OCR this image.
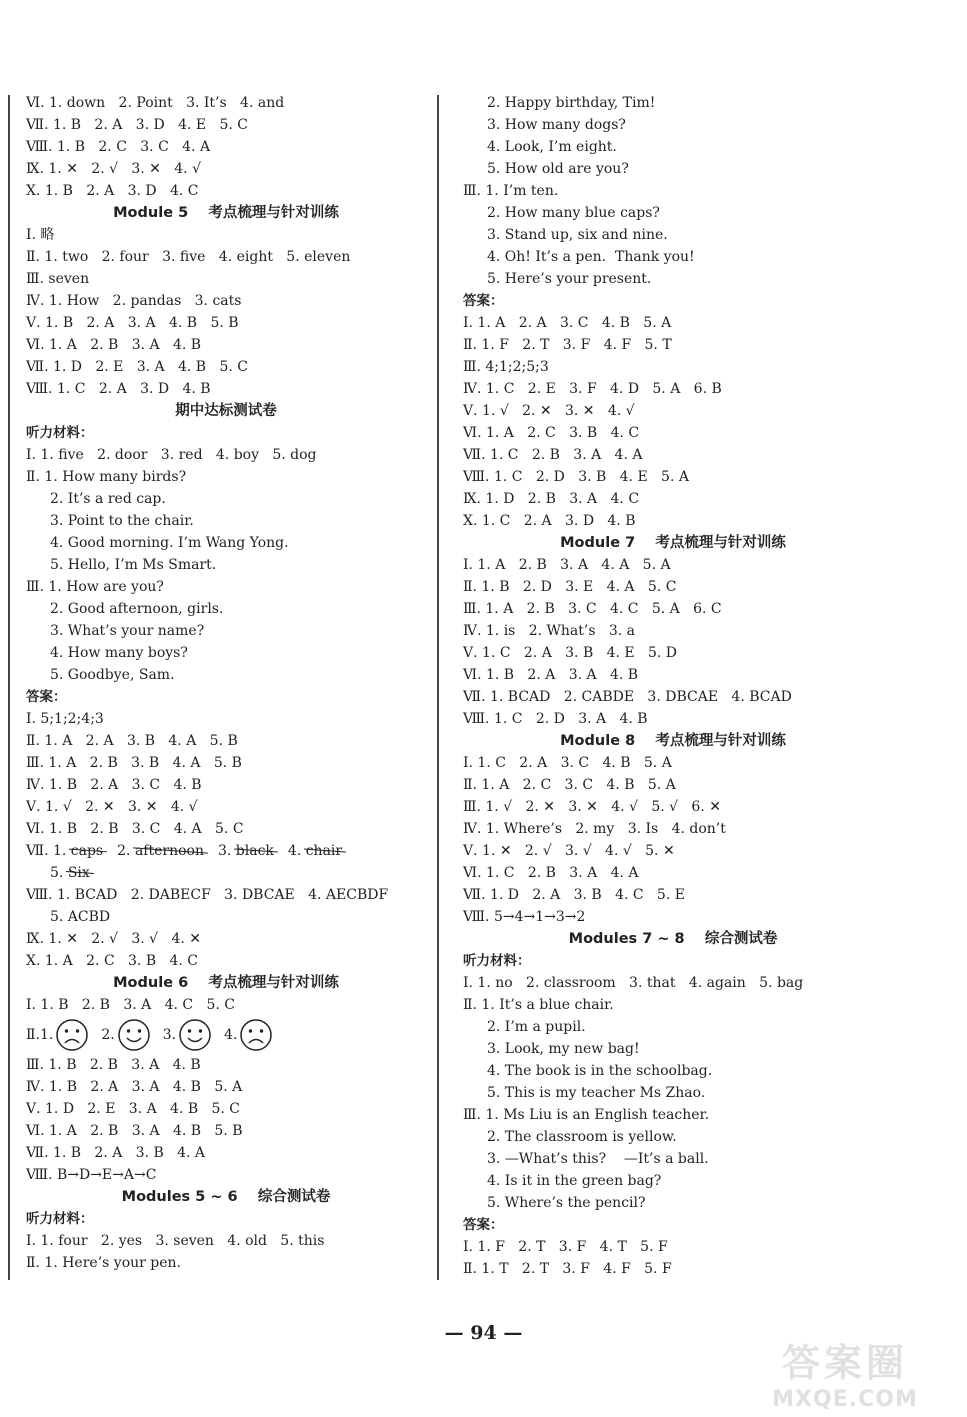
Ⅵ. 1. down   2. Point   3. It’s   4. and
Ⅶ. 1. B   2. A   3. D   4. E   5. C
Ⅷ. 1. B   2. C   3. C   4. A
Ⅸ. 1. ✕   2. √   3. ✕   4. √
Ⅹ. 1. B   2. A   3. D   4. C
Module 5    考点梳理与针对训练
Ⅰ. 略
Ⅱ. 1. two   2. four   3. five   4. eight   5. eleven
Ⅲ. seven
Ⅳ. 1. How   2. pandas   3. cats
Ⅴ. 1. B   2. A   3. A   4. B   5. B
Ⅵ. 1. A   2. B   3. A   4. B
Ⅶ. 1. D   2. E   3. A   4. B   5. C
Ⅷ. 1. C   2. A   3. D   4. B
期中达标测试卷
听力材料：
Ⅰ. 1. five   2. door   3. red   4. boy   5. dog
Ⅱ. 1. How many birds?
2. It’s a red cap.
3. Point to the chair.
4. Good morning. I’m Wang Yong.
5. Hello, I’m Ms Smart.
Ⅲ. 1. How are you?
2. Good afternoon, girls.
3. What’s your name?
4. How many boys?
5. Goodbye, Sam.
答案：
Ⅰ. 5;1;2;4;3
Ⅱ. 1. A   2. A   3. B   4. A   5. B
Ⅲ. 1. A   2. B   3. B   4. A   5. B
Ⅳ. 1. B   2. A   3. C   4. B
Ⅴ. 1. √   2. ✕   3. ✕   4. √
Ⅵ. 1. B   2. B   3. C   4. A   5. C
Ⅶ. 1. caps 2. afternoon 3. black 4. chair
5. Six
Ⅷ. 1. BCAD   2. DABECF   3. DBCAE   4. AECBDF
5. ACBD
Ⅸ. 1. ✕   2. √   3. √   4. ✕
Ⅹ. 1. A   2. C   3. B   4. C
Module 6    考点梳理与针对训练
Ⅰ. 1. B   2. B   3. A   4. C   5. C
Ⅱ. 1.	2.	3.	4.
Ⅲ. 1. B   2. B   3. A   4. B
Ⅳ. 1. B   2. A   3. A   4. B   5. A
Ⅴ. 1. D   2. E   3. A   4. B   5. C
Ⅵ. 1. A   2. B   3. A   4. B   5. B
Ⅶ. 1. B   2. A   3. B   4. A
Ⅷ. B→D→E→A→C
Modules 5 ~ 6    综合测试卷
听力材料：
Ⅰ. 1. four   2. yes   3. seven   4. old   5. this
Ⅱ. 1. Here’s your pen.
2. Happy birthday, Tim!
3. How many dogs?
4. Look, I’m eight.
5. How old are you?
Ⅲ. 1. I’m ten.
2. How many blue caps?
3. Stand up, six and nine.
4. Oh! It’s a pen.  Thank you!
5. Here’s your present.
答案：
Ⅰ. 1. A   2. A   3. C   4. B   5. A
Ⅱ. 1. F   2. T   3. F   4. F   5. T
Ⅲ. 4;1;2;5;3
Ⅳ. 1. C   2. E   3. F   4. D   5. A   6. B
Ⅴ. 1. √   2. ✕   3. ✕   4. √
Ⅵ. 1. A   2. C   3. B   4. C
Ⅶ. 1. C   2. B   3. A   4. A
Ⅷ. 1. C   2. D   3. B   4. E   5. A
Ⅸ. 1. D   2. B   3. A   4. C
Ⅹ. 1. C   2. A   3. D   4. B
Module 7    考点梳理与针对训练
Ⅰ. 1. A   2. B   3. A   4. A   5. A
Ⅱ. 1. B   2. D   3. E   4. A   5. C
Ⅲ. 1. A   2. B   3. C   4. C   5. A   6. C
Ⅳ. 1. is   2. What’s   3. a
Ⅴ. 1. C   2. A   3. B   4. E   5. D
Ⅵ. 1. B   2. A   3. A   4. B
Ⅶ. 1. BCAD   2. CABDE   3. DBCAE   4. BCAD
Ⅷ. 1. C   2. D   3. A   4. B
Module 8    考点梳理与针对训练
Ⅰ. 1. C   2. A   3. C   4. B   5. A
Ⅱ. 1. A   2. C   3. C   4. B   5. A
Ⅲ. 1. √   2. ✕   3. ✕   4. √   5. √   6. ✕
Ⅳ. 1. Where’s   2. my   3. Is   4. don’t
Ⅴ. 1. ✕   2. √   3. √   4. √   5. ✕
Ⅵ. 1. C   2. B   3. A   4. A
Ⅶ. 1. D   2. A   3. B   4. C   5. E
Ⅷ. 5→4→1→3→2
Modules 7 ~ 8    综合测试卷
听力材料：
Ⅰ. 1. no   2. classroom   3. that   4. again   5. bag
Ⅱ. 1. It’s a blue chair.
2. I’m a pupil.
3. Look, my new bag!
4. The book is in the schoolbag.
5. This is my teacher Ms Zhao.
Ⅲ. 1. Ms Liu is an English teacher.
2. The classroom is yellow.
3. —What’s this?    —It’s a ball.
4. Is it in the green bag?
5. Where’s the pencil?
答案：
Ⅰ. 1. F   2. T   3. F   4. T   5. F
Ⅱ. 1. T   2. T   3. F   4. F   5. F
— 94 —
答案圈
MXQE.COM
